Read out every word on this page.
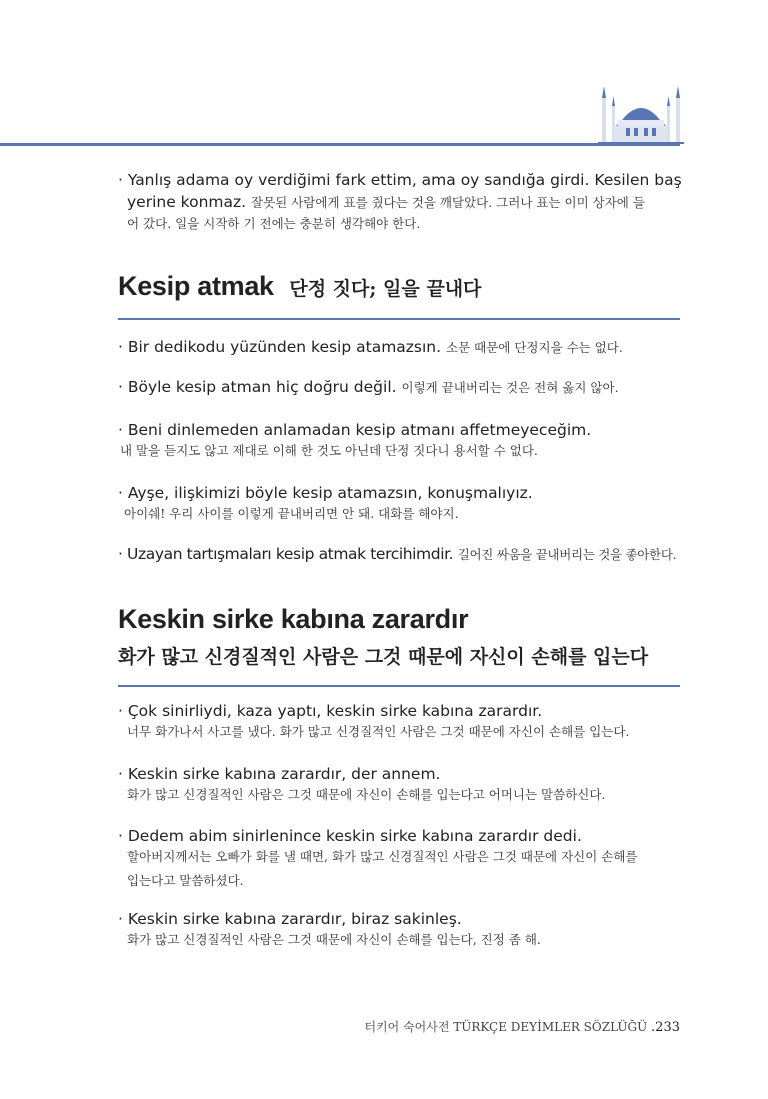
· Yanlış adama oy verdiğimi fark ettim, ama oy sandığa girdi. Kesilen baş
yerine konmaz. 잘못된 사람에게 표를 줬다는 것을 깨달았다. 그러나 표는 이미 상자에 들
어 갔다. 일을 시작하 기 전에는 충분히 생각해야 한다.
Kesip atmak 단정 짓다; 일을 끝내다
· Bir dedikodu yüzünden kesip atamazsın. 소문 때문에 단정지을 수는 없다.
· Böyle kesip atman hiç doğru değil. 이렇게 끝내버리는 것은 전혀 옳지 않아.
· Beni dinlemeden anlamadan kesip atmanı affetmeyeceğim.
내 말을 듣지도 않고 제대로 이해 한 것도 아닌데 단정 짓다니 용서할 수 없다.
· Ayşe, ilişkimizi böyle kesip atamazsın, konuşmalıyız.
아이쉐! 우리 사이를 이렇게 끝내버리면 안 돼. 대화를 해야지.
· Uzayan tartışmaları kesip atmak tercihimdir. 길어진 싸움을 끝내버리는 것을 좋아한다.
Keskin sirke kabına zarardır
화가 많고 신경질적인 사람은 그것 때문에 자신이 손해를 입는다
· Çok sinirliydi, kaza yaptı, keskin sirke kabına zarardır.
너무 화가나서 사고를 냈다. 화가 많고 신경질적인 사람은 그것 때문에 자신이 손해를 입는다.
· Keskin sirke kabına zarardır, der annem.
화가 많고 신경질적인 사람은 그것 때문에 자신이 손해를 입는다고 어머니는 말씀하신다.
· Dedem abim sinirlenince keskin sirke kabına zarardır dedi.
할아버지께서는 오빠가 화를 낼 때면, 화가 많고 신경질적인 사람은 그것 때문에 자신이 손해를
입는다고 말씀하셨다.
· Keskin sirke kabına zarardır, biraz sakinleş.
화가 많고 신경질적인 사람은 그것 때문에 자신이 손해를 입는다, 진정 좀 해.
터키어 숙어사전 TÜRKÇE DEYİMLER SÖZLÜĞÜ .233
